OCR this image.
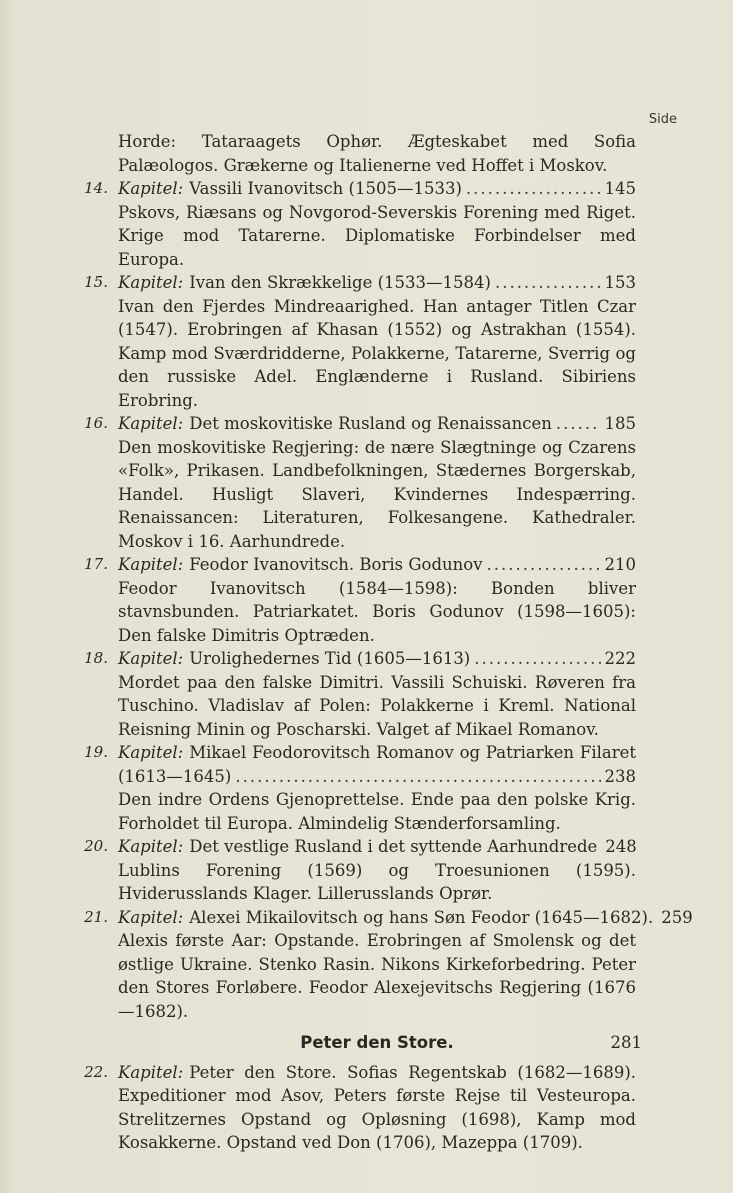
Side
Horde: Tataraagets Ophør. Ægteskabet med Sofia Palæologos. Grækerne og Italienerne ved Hoffet i Moskov.
14. Kapitel: Vassili Ivanovitsch (1505—1533) .....	145
Pskovs, Riæsans og Novgorod-Severskis Forening med Riget. Krige mod Tatarerne. Diplomatiske Forbindelser med Europa.
15. Kapitel: Ivan den Skrækkelige (1533—1584) .....	153
Ivan den Fjerdes Mindreaarighed. Han antager Titlen Czar (1547). Erobringen af Khasan (1552) og Astrakhan (1554). Kamp mod Sværdridderne, Polakkerne, Tatarerne, Sverrig og den russiske Adel. Englænderne i Rusland. Sibiriens Erobring.
16. Kapitel: Det moskovitiske Rusland og Renaissancen .....	185
Den moskovitiske Regjering: de nære Slægtninge og Czarens «Folk», Prikasen. Landbefolkningen, Stædernes Borgerskab, Handel. Husligt Slaveri, Kvindernes Indespærring. Renaissancen: Literaturen, Folkesangene. Kathedraler. Moskov i 16. Aarhundrede.
17. Kapitel: Feodor Ivanovitsch. Boris Godunov .....	210
Feodor Ivanovitsch (1584—1598): Bonden bliver stavnsbunden. Patriarkatet. Boris Godunov (1598—1605): Den falske Dimitris Optræden.
18. Kapitel: Urolighedernes Tid (1605—1613) .....	222
Mordet paa den falske Dimitri. Vassili Schuiski. Røveren fra Tuschino. Vladislav af Polen: Polakkerne i Kreml. National Reisning Minin og Poscharski. Valget af Mikael Romanov.
19. Kapitel: Mikael Feodorovitsch Romanov og Patriarken Filaret
(1613—1645) .....	238
Den indre Ordens Gjenoprettelse. Ende paa den polske Krig. Forholdet til Europa. Almindelig Stænderforsamling.
20. Kapitel: Det vestlige Rusland i det syttende Aarhundrede 248
Lublins Forening (1569) og Troesunionen (1595). Hviderusslands Klager. Lillerusslands Oprør.
21. Kapitel: Alexei Mikailovitsch og hans Søn Feodor (1645—1682). 259
Alexis første Aar: Opstande. Erobringen af Smolensk og det østlige Ukraine. Stenko Rasin. Nikons Kirkeforbedring. Peter den Stores Forløbere. Feodor Alexejevitschs Regjering (1676—1682).
Peter den Store.	281
22. Kapitel: Peter den Store. Sofias Regentskab (1682—1689). Expeditioner mod Asov, Peters første Rejse til Vesteuropa. Strelitzernes Opstand og Opløsning (1698), Kamp mod Kosakkerne. Opstand ved Don (1706), Mazeppa (1709).
